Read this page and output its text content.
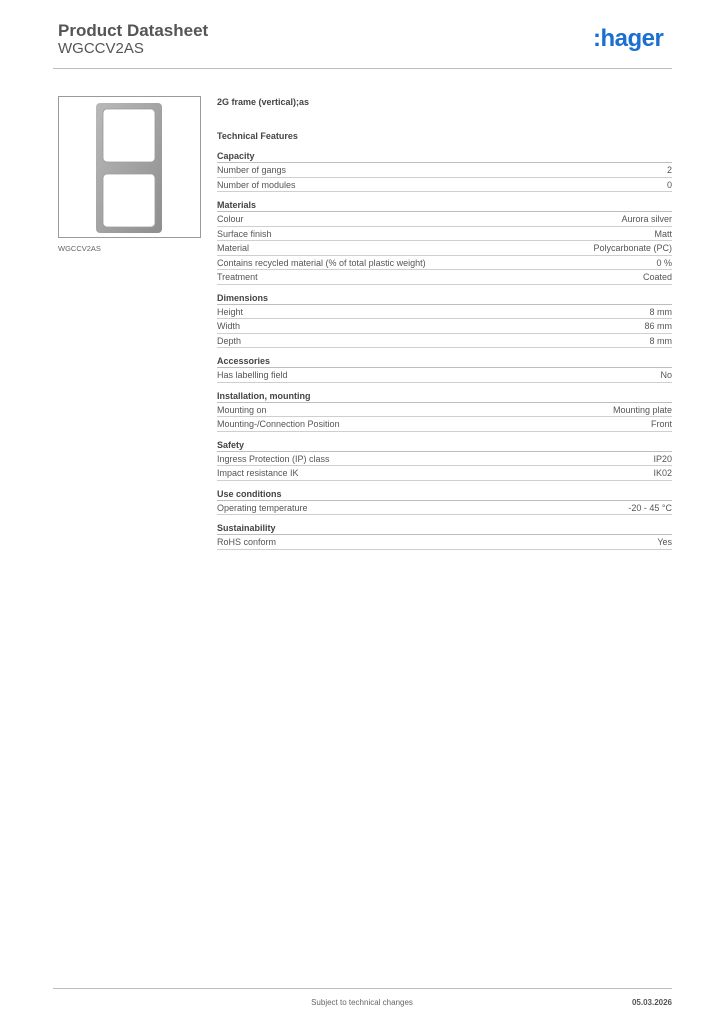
Product Datasheet
WGCCV2AS	:hager
WGCCV2AS
2G frame (vertical);as
Technical Features
Capacity
Number of gangs	2
Number of modules	0
Materials
Colour	Aurora silver
Surface finish	Matt
Material	Polycarbonate (PC)
Contains recycled material (% of total plastic weight)	0 %
Treatment	Coated
Dimensions
Height	8 mm
Width	86 mm
Depth	8 mm
Accessories
Has labelling field	No
Installation, mounting
Mounting on	Mounting plate
Mounting-/Connection Position	Front
Safety
Ingress Protection (IP) class	IP20
Impact resistance IK	IK02
Use conditions
Operating temperature	-20 - 45 °C
Sustainability
RoHS conform	Yes
Subject to technical changes	05.03.2026
